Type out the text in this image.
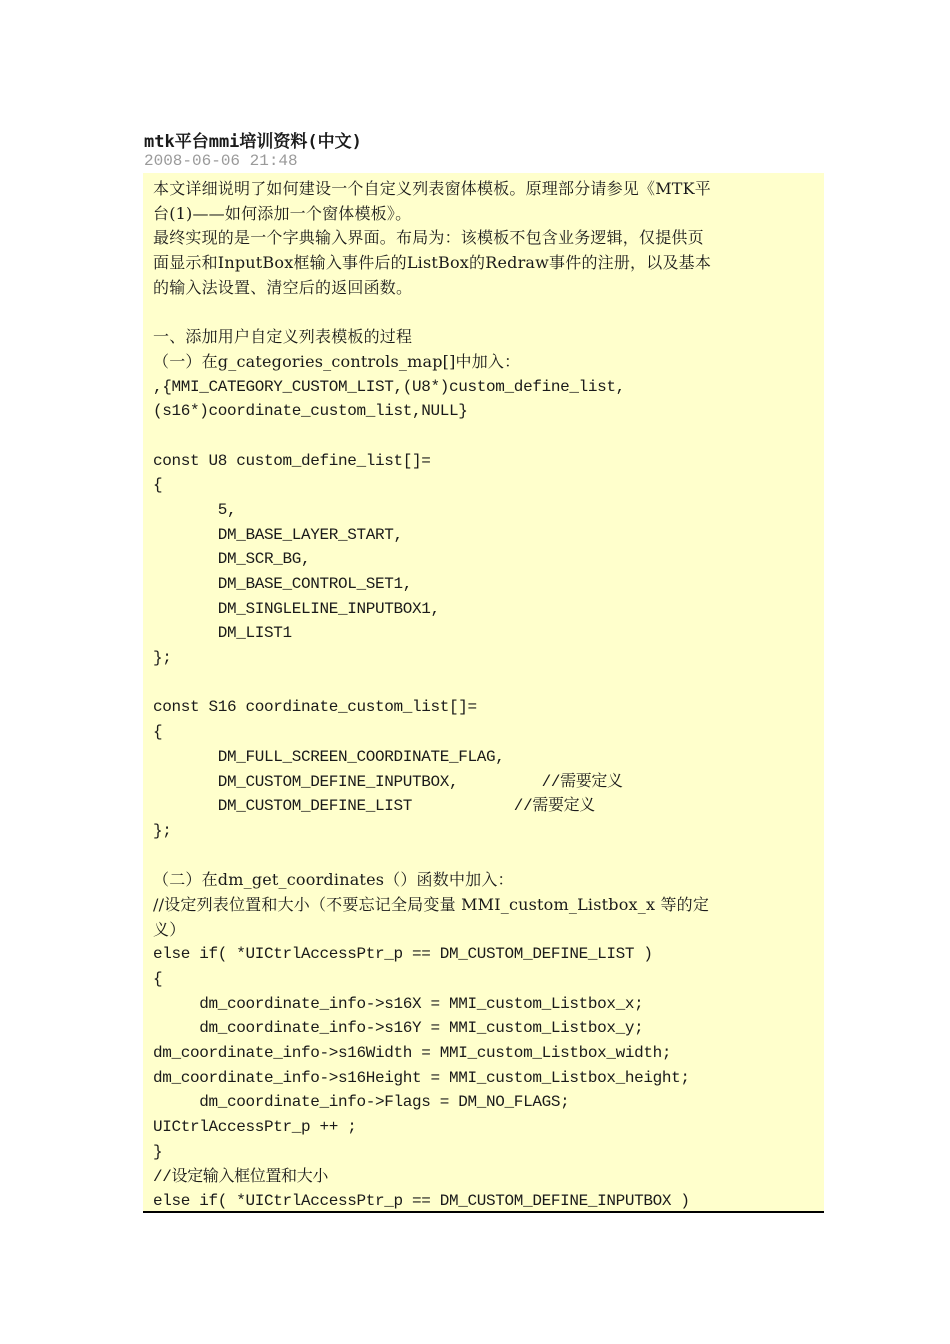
mtk平台mmi培训资料(中文)
2008-06-06 21:48
本文详细说明了如何建设一个自定义列表窗体模板。原理部分请参见《MTK平
台(1)——如何添加一个窗体模板》。
最终实现的是一个字典输入界面。布局为：该模板不包含业务逻辑，仅提供页
面显示和InputBox框输入事件后的ListBox的Redraw事件的注册，以及基本
的输入法设置、清空后的返回函数。
一、添加用户自定义列表模板的过程
（一）在g_categories_controls_map[]中加入：
,{MMI_CATEGORY_CUSTOM_LIST,(U8*)custom_define_list,
(s16*)coordinate_custom_list,NULL}
const U8 custom_define_list[]=
{
5,
DM_BASE_LAYER_START,
DM_SCR_BG,
DM_BASE_CONTROL_SET1,
DM_SINGLELINE_INPUTBOX1,
DM_LIST1
};
const S16 coordinate_custom_list[]=
{
DM_FULL_SCREEN_COORDINATE_FLAG,
DM_CUSTOM_DEFINE_INPUTBOX,         //需要定义
DM_CUSTOM_DEFINE_LIST           //需要定义
};
（二）在dm_get_coordinates（）函数中加入：
//设定列表位置和大小（不要忘记全局变量 MMI_custom_Listbox_x 等的定
义）
else if( *UICtrlAccessPtr_p == DM_CUSTOM_DEFINE_LIST )
{
dm_coordinate_info->s16X = MMI_custom_Listbox_x;
dm_coordinate_info->s16Y = MMI_custom_Listbox_y;
dm_coordinate_info->s16Width = MMI_custom_Listbox_width;
dm_coordinate_info->s16Height = MMI_custom_Listbox_height;
dm_coordinate_info->Flags = DM_NO_FLAGS;
UICtrlAccessPtr_p ++ ;
}
//设定输入框位置和大小
else if( *UICtrlAccessPtr_p == DM_CUSTOM_DEFINE_INPUTBOX )
